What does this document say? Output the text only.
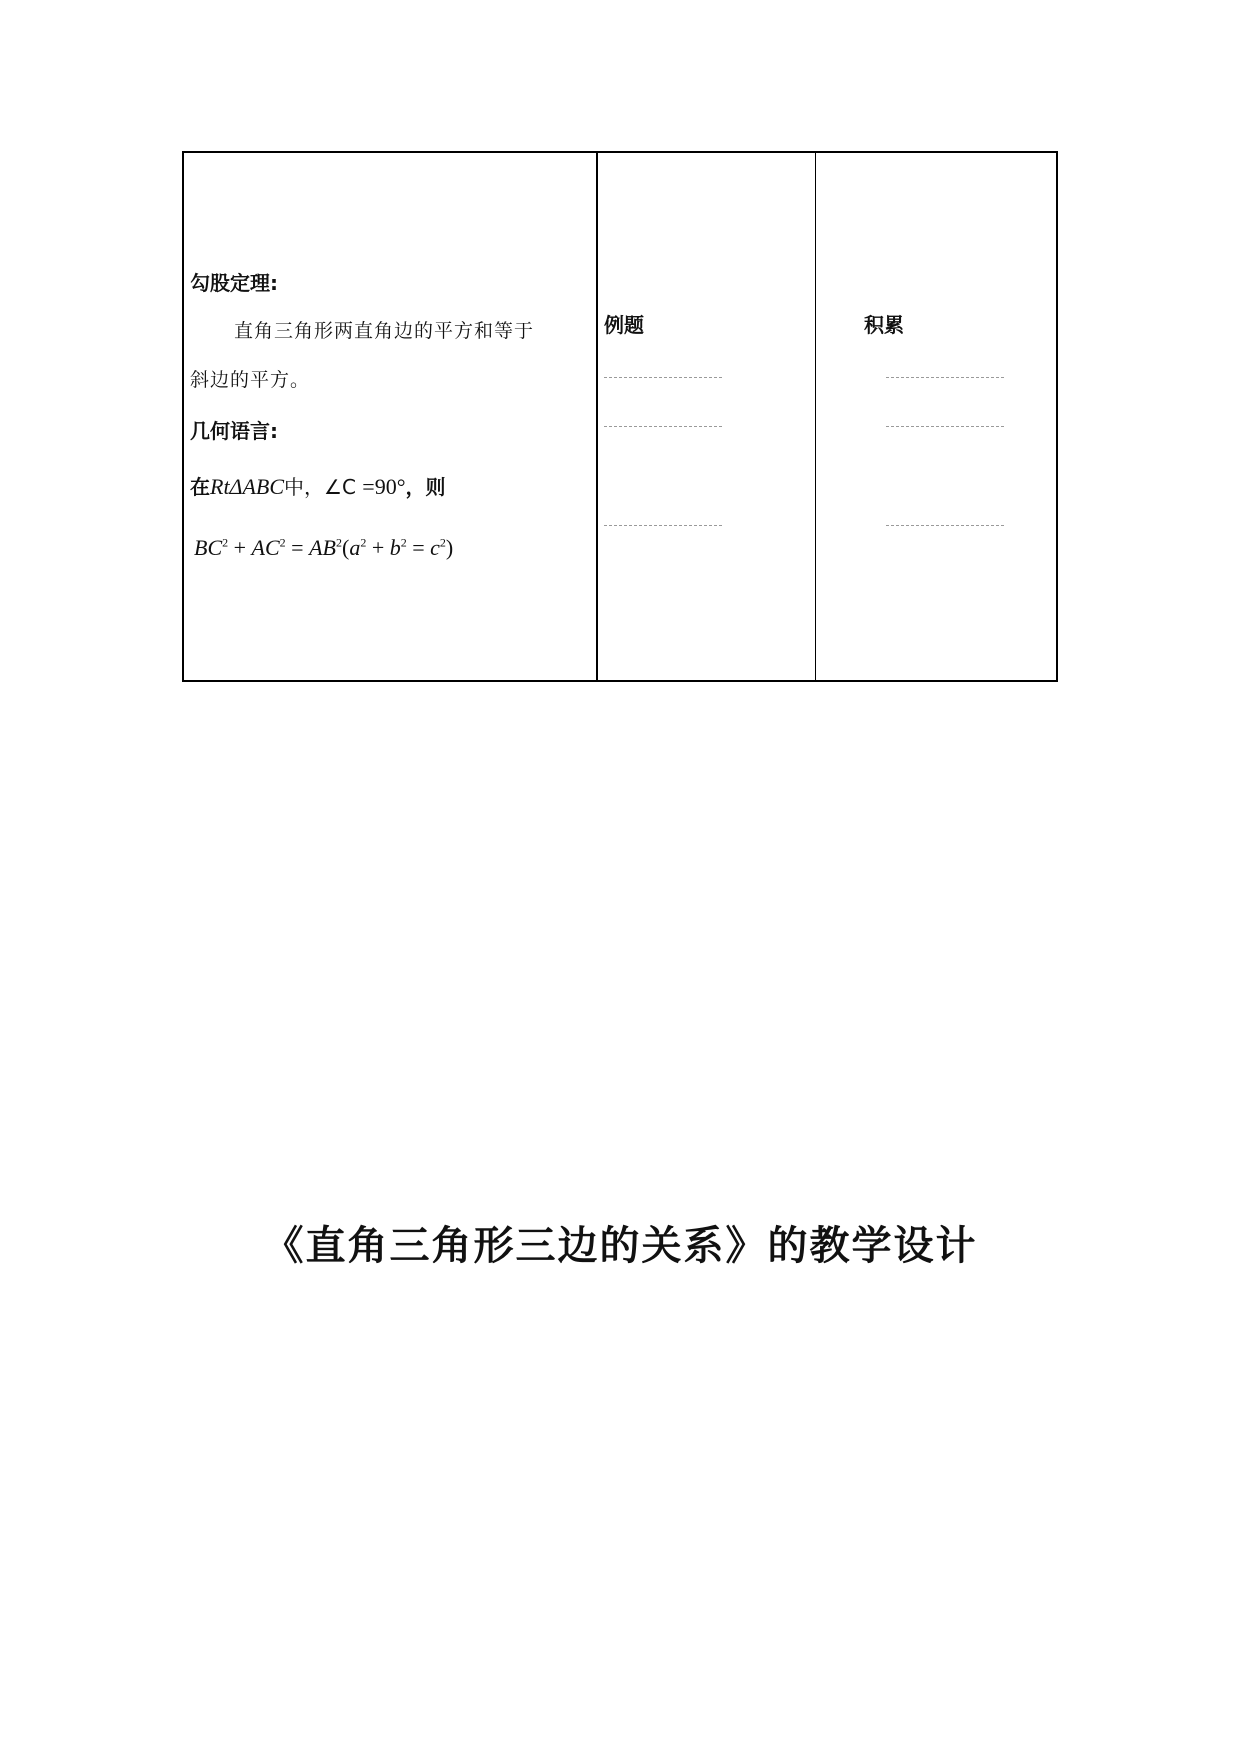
勾股定理:
直角三角形两直角边的平方和等于
斜边的平方。
几何语言:
在RtΔABC中，∠C =90°，则
$BC^2 + AC^2 = AB^2(a^2 + b^2 = c^2)$
例题	积累
《直角三角形三边的关系》的教学设计
